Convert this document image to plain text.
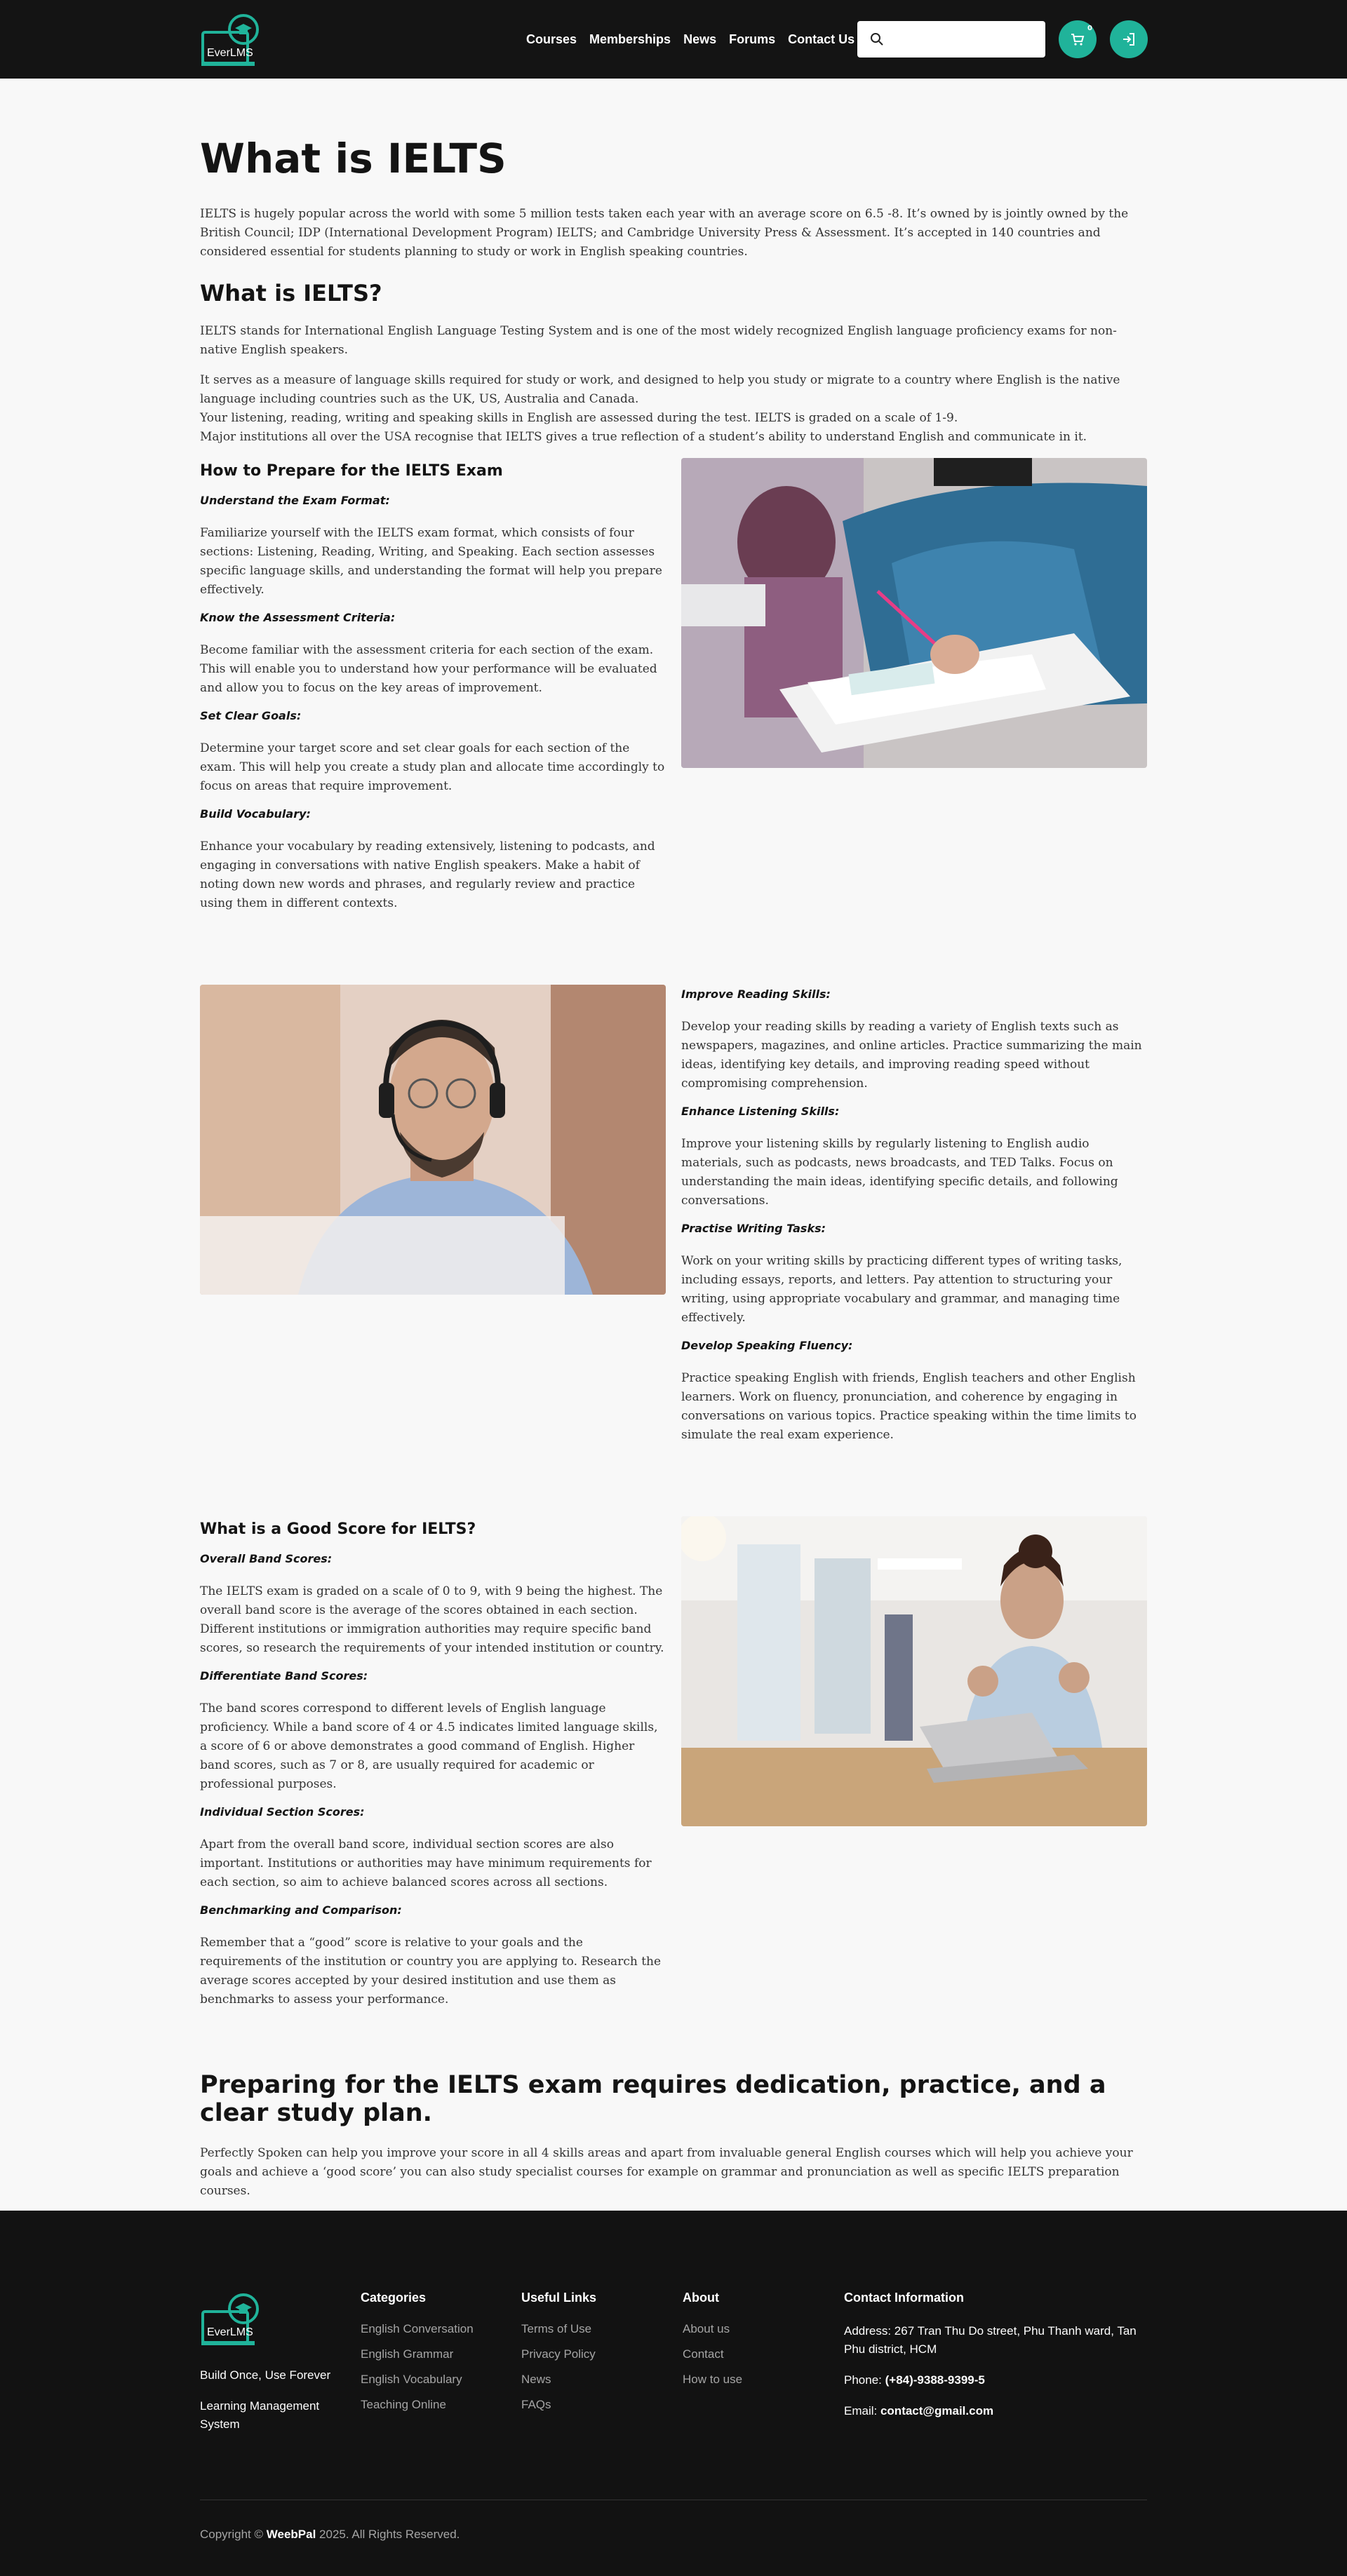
EverLMS
Courses Memberships News Forums Contact Us
0
What is IELTS

IELTS is hugely popular across the world with some 5 million tests taken each year with an average score on 6.5 -8. It’s owned by is jointly owned by the British Council; IDP (International Development Program) IELTS; and Cambridge University Press & Assessment. It’s accepted in 140 countries and considered essential for students planning to study or work in English speaking countries.

What is IELTS?

IELTS stands for International English Language Testing System and is one of the most widely recognized English language proficiency exams for non-native English speakers.

It serves as a measure of language skills required for study or work, and designed to help you study or migrate to a country where English is the native language including countries such as the UK, US, Australia and Canada.
Your listening, reading, writing and speaking skills in English are assessed during the test. IELTS is graded on a scale of 1-9.
Major institutions all over the USA recognise that IELTS gives a true reflection of a student’s ability to understand English and communicate in it.

How to Prepare for the IELTS Exam
Understand the Exam Format:

Familiarize yourself with the IELTS exam format, which consists of four sections: Listening, Reading, Writing, and Speaking. Each section assesses specific language skills, and understanding the format will help you prepare effectively.

Know the Assessment Criteria:

Become familiar with the assessment criteria for each section of the exam. This will enable you to understand how your performance will be evaluated and allow you to focus on the key areas of improvement.

Set Clear Goals:

Determine your target score and set clear goals for each section of the exam. This will help you create a study plan and allocate time accordingly to focus on areas that require improvement.

Build Vocabulary:

Enhance your vocabulary by reading extensively, listening to podcasts, and engaging in conversations with native English speakers. Make a habit of noting down new words and phrases, and regularly review and practice using them in different contexts.

Improve Reading Skills:

Develop your reading skills by reading a variety of English texts such as newspapers, magazines, and online articles. Practice summarizing the main ideas, identifying key details, and improving reading speed without compromising comprehension.

Enhance Listening Skills:

Improve your listening skills by regularly listening to English audio materials, such as podcasts, news broadcasts, and TED Talks. Focus on understanding the main ideas, identifying specific details, and following conversations.

Practise Writing Tasks:

Work on your writing skills by practicing different types of writing tasks, including essays, reports, and letters. Pay attention to structuring your writing, using appropriate vocabulary and grammar, and managing time effectively.

Develop Speaking Fluency:

Practice speaking English with friends, English teachers and other English learners. Work on fluency, pronunciation, and coherence by engaging in conversations on various topics. Practice speaking within the time limits to simulate the real exam experience.

What is a Good Score for IELTS?
Overall Band Scores:

The IELTS exam is graded on a scale of 0 to 9, with 9 being the highest. The overall band score is the average of the scores obtained in each section. Different institutions or immigration authorities may require specific band scores, so research the requirements of your intended institution or country.

Differentiate Band Scores:

The band scores correspond to different levels of English language proficiency. While a band score of 4 or 4.5 indicates limited language skills, a score of 6 or above demonstrates a good command of English. Higher band scores, such as 7 or 8, are usually required for academic or professional purposes.

Individual Section Scores:

Apart from the overall band score, individual section scores are also important. Institutions or authorities may have minimum requirements for each section, so aim to achieve balanced scores across all sections.

Benchmarking and Comparison:

Remember that a “good” score is relative to your goals and the requirements of the institution or country you are applying to. Research the average scores accepted by your desired institution and use them as benchmarks to assess your performance.

Preparing for the IELTS exam requires dedication, practice, and a clear study plan.

Perfectly Spoken can help you improve your score in all 4 skills areas and apart from invaluable general English courses which will help you achieve your goals and achieve a ‘good score’ you can also study specialist courses for example on grammar and pronunciation as well as specific IELTS preparation courses.

EverLMS
Build Once, Use Forever
Learning Management System
Categories
English Conversation
English Grammar
English Vocabulary
Teaching Online
Useful Links
Terms of Use
Privacy Policy
News
FAQs
About
About us
Contact
How to use
Contact Information
Address: 267 Tran Thu Do street, Phu Thanh ward, Tan Phu district, HCM
Phone: (+84)-9388-9399-5
Email: contact@gmail.com
Copyright © WeebPal 2025. All Rights Reserved.
